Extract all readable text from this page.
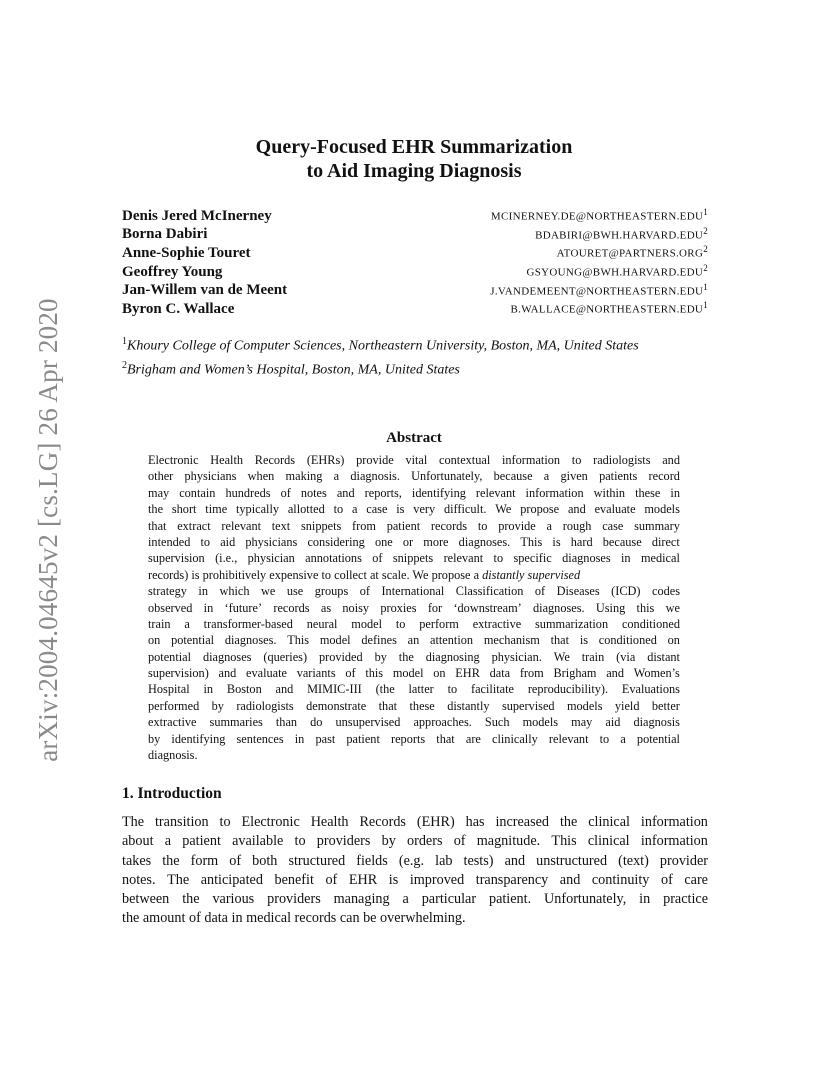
arXiv:2004.04645v2 [cs.LG] 26 Apr 2020
Query-Focused EHR Summarization
to Aid Imaging Diagnosis
Denis Jered McInerney	MCINERNEY.DE@NORTHEASTERN.EDU$^1$
Borna Dabiri	BDABIRI@BWH.HARVARD.EDU$^2$
Anne-Sophie Touret	ATOURET@PARTNERS.ORG$^2$
Geoffrey Young	GSYOUNG@BWH.HARVARD.EDU$^2$
Jan-Willem van de Meent	J.VANDEMEENT@NORTHEASTERN.EDU$^1$
Byron C. Wallace	B.WALLACE@NORTHEASTERN.EDU$^1$
$^1$Khoury College of Computer Sciences, Northeastern University, Boston, MA, United States
$^2$Brigham and Women’s Hospital, Boston, MA, United States
Abstract
Electronic Health Records (EHRs) provide vital contextual information to radiologists and
other physicians when making a diagnosis. Unfortunately, because a given patients record
may contain hundreds of notes and reports, identifying relevant information within these in
the short time typically allotted to a case is very difficult. We propose and evaluate models
that extract relevant text snippets from patient records to provide a rough case summary
intended to aid physicians considering one or more diagnoses. This is hard because direct
supervision (i.e., physician annotations of snippets relevant to specific diagnoses in medical
records) is prohibitively expensive to collect at scale. We propose a distantly supervised
strategy in which we use groups of International Classification of Diseases (ICD) codes
observed in ‘future’ records as noisy proxies for ‘downstream’ diagnoses. Using this we
train a transformer-based neural model to perform extractive summarization conditioned
on potential diagnoses. This model defines an attention mechanism that is conditioned on
potential diagnoses (queries) provided by the diagnosing physician. We train (via distant
supervision) and evaluate variants of this model on EHR data from Brigham and Women’s
Hospital in Boston and MIMIC-III (the latter to facilitate reproducibility). Evaluations
performed by radiologists demonstrate that these distantly supervised models yield better
extractive summaries than do unsupervised approaches. Such models may aid diagnosis
by identifying sentences in past patient reports that are clinically relevant to a potential
diagnosis.
1. Introduction
The transition to Electronic Health Records (EHR) has increased the clinical information
about a patient available to providers by orders of magnitude. This clinical information
takes the form of both structured fields (e.g. lab tests) and unstructured (text) provider
notes. The anticipated benefit of EHR is improved transparency and continuity of care
between the various providers managing a particular patient. Unfortunately, in practice
the amount of data in medical records can be overwhelming.
